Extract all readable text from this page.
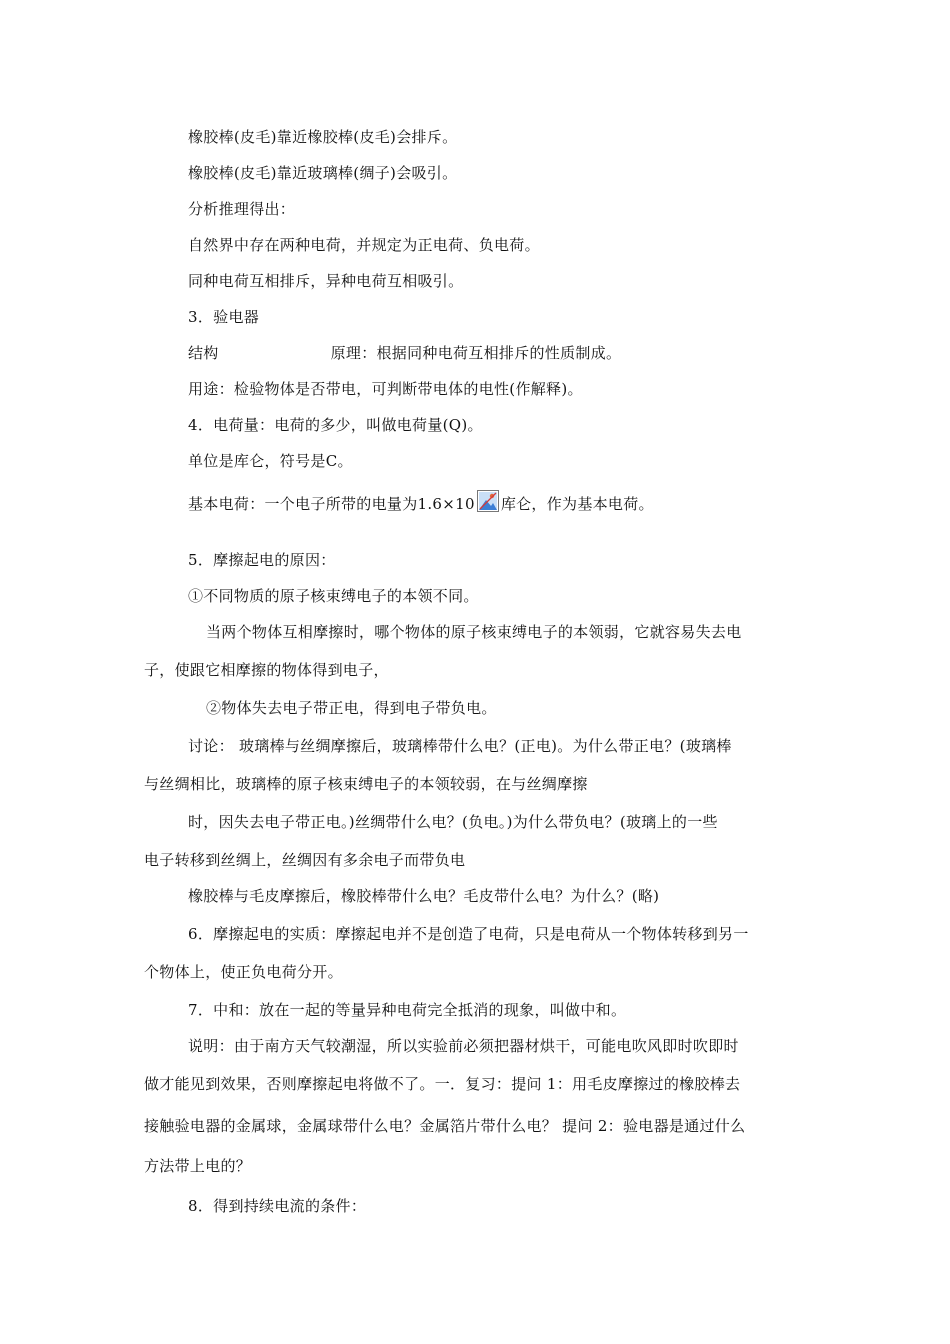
橡胶棒(皮毛)靠近橡胶棒(皮毛)会排斥。
橡胶棒(皮毛)靠近玻璃棒(绸子)会吸引。
分析推理得出：
自然界中存在两种电荷，并规定为正电荷、负电荷。
同种电荷互相排斥，异种电荷互相吸引。
3．验电器
结构	原理：根据同种电荷互相排斥的性质制成。
用途：检验物体是否带电，可判断带电体的电性(作解释)。
4．电荷量：电荷的多少，叫做电荷量(Q)。
单位是库仑，符号是C。
基本电荷：一个电子所带的电量为1.6×10 库仑，作为基本电荷。
5．摩擦起电的原因：
①不同物质的原子核束缚电子的本领不同。
当两个物体互相摩擦时，哪个物体的原子核束缚电子的本领弱，它就容易失去电
子，使跟它相摩擦的物体得到电子，
②物体失去电子带正电，得到电子带负电。
讨论： 玻璃棒与丝绸摩擦后，玻璃棒带什么电？(正电)。为什么带正电？(玻璃棒
与丝绸相比，玻璃棒的原子核束缚电子的本领较弱，在与丝绸摩擦
时，因失去电子带正电。)丝绸带什么电？(负电。)为什么带负电？(玻璃上的一些
电子转移到丝绸上，丝绸因有多余电子而带负电
橡胶棒与毛皮摩擦后，橡胶棒带什么电？毛皮带什么电？为什么？(略)
6．摩擦起电的实质：摩擦起电并不是创造了电荷，只是电荷从一个物体转移到另一
个物体上，使正负电荷分开。
7．中和：放在一起的等量异种电荷完全抵消的现象，叫做中和。
说明：由于南方天气较潮湿，所以实验前必须把器材烘干，可能电吹风即时吹即时
做才能见到效果，否则摩擦起电将做不了。一．复习：提问 1：用毛皮摩擦过的橡胶棒去
接触验电器的金属球，金属球带什么电？金属箔片带什么电？ 提问 2：验电器是通过什么
方法带上电的？
8．得到持续电流的条件：
